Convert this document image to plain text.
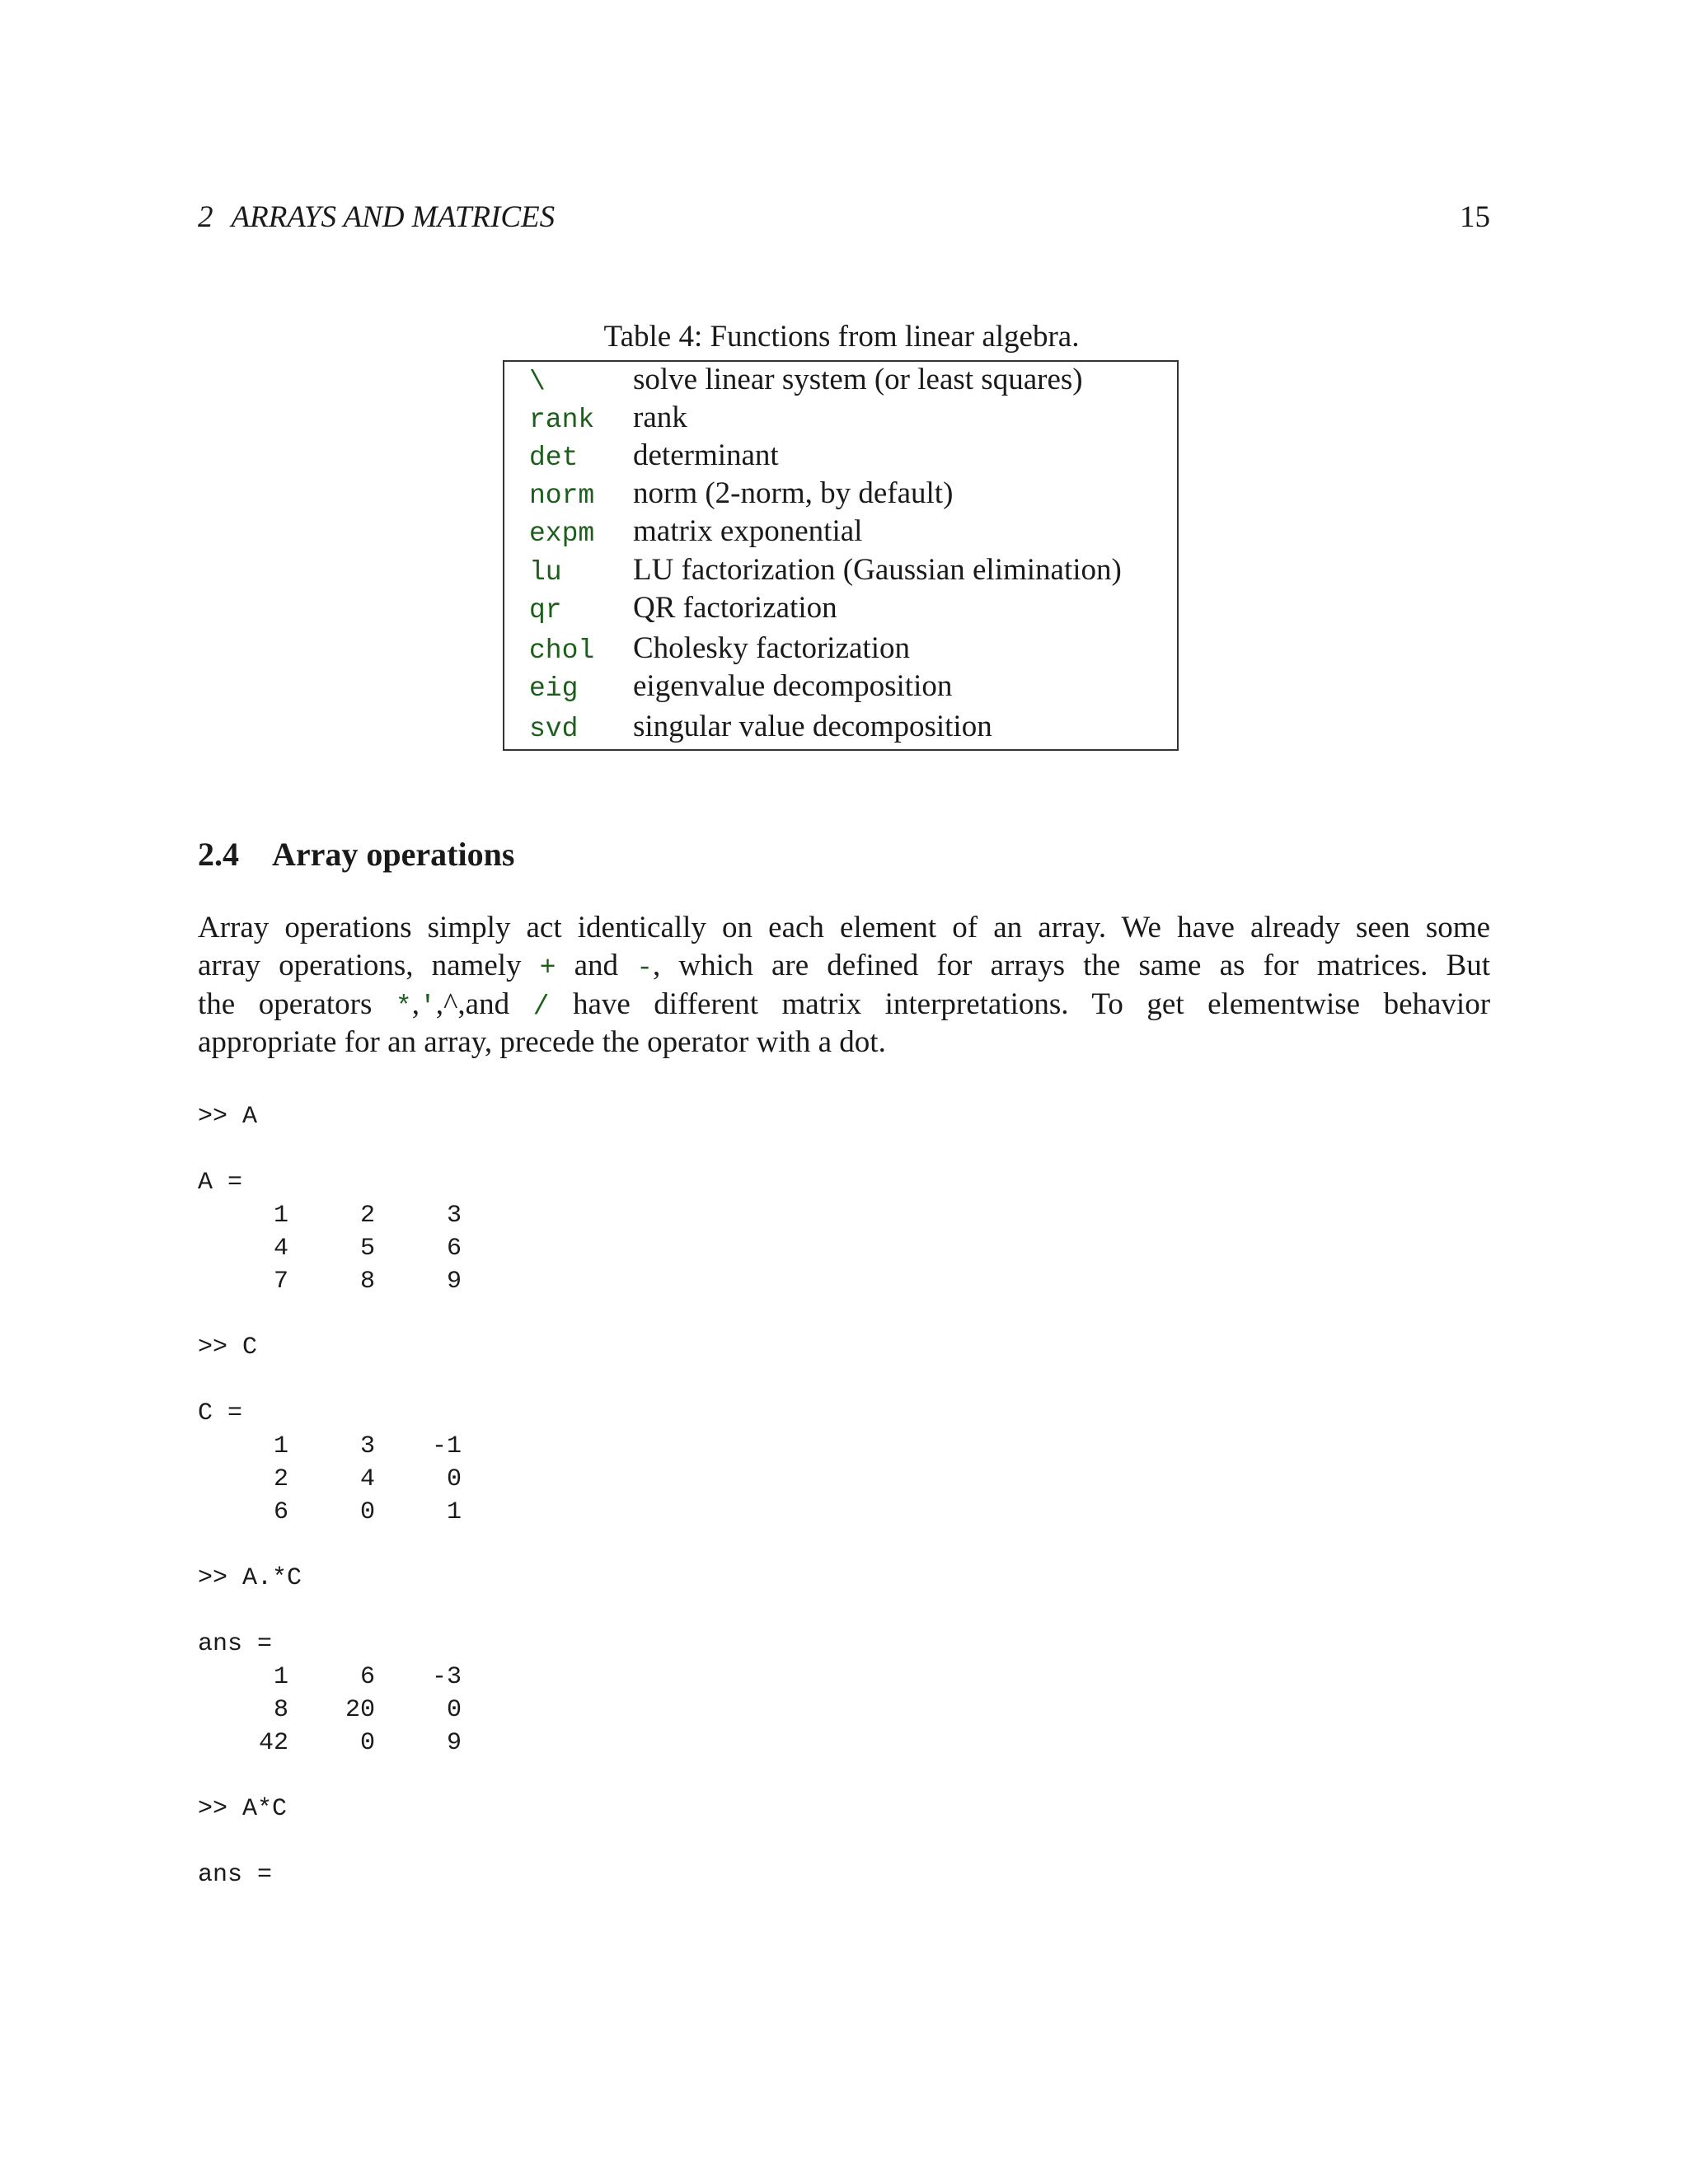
2 ARRAYS AND MATRICES	15
Table 4: Functions from linear algebra.
\	solve linear system (or least squares)
rank rank
det determinant
norm norm (2-norm, by default)
expm matrix exponential
lu LU factorization (Gaussian elimination)
qr QR factorization
chol Cholesky factorization
eig eigenvalue decomposition
svd singular value decomposition
2.4 Array operations
Array operations simply act identically on each element of an array. We have already seen some
array operations, namely + and -, which are defined for arrays the same as for matrices. But
the operators *,',^,and / have different matrix interpretations. To get elementwise behavior
appropriate for an array, precede the operator with a dot.
>> A
A =
1	2	3
4	5	6
7	8	9
>> C
C =
1	3	-1
2	4	0
6	0	1
>> A.*C
ans =
1	6	-3
8	20	0
42	0	9
>> A*C
ans =
